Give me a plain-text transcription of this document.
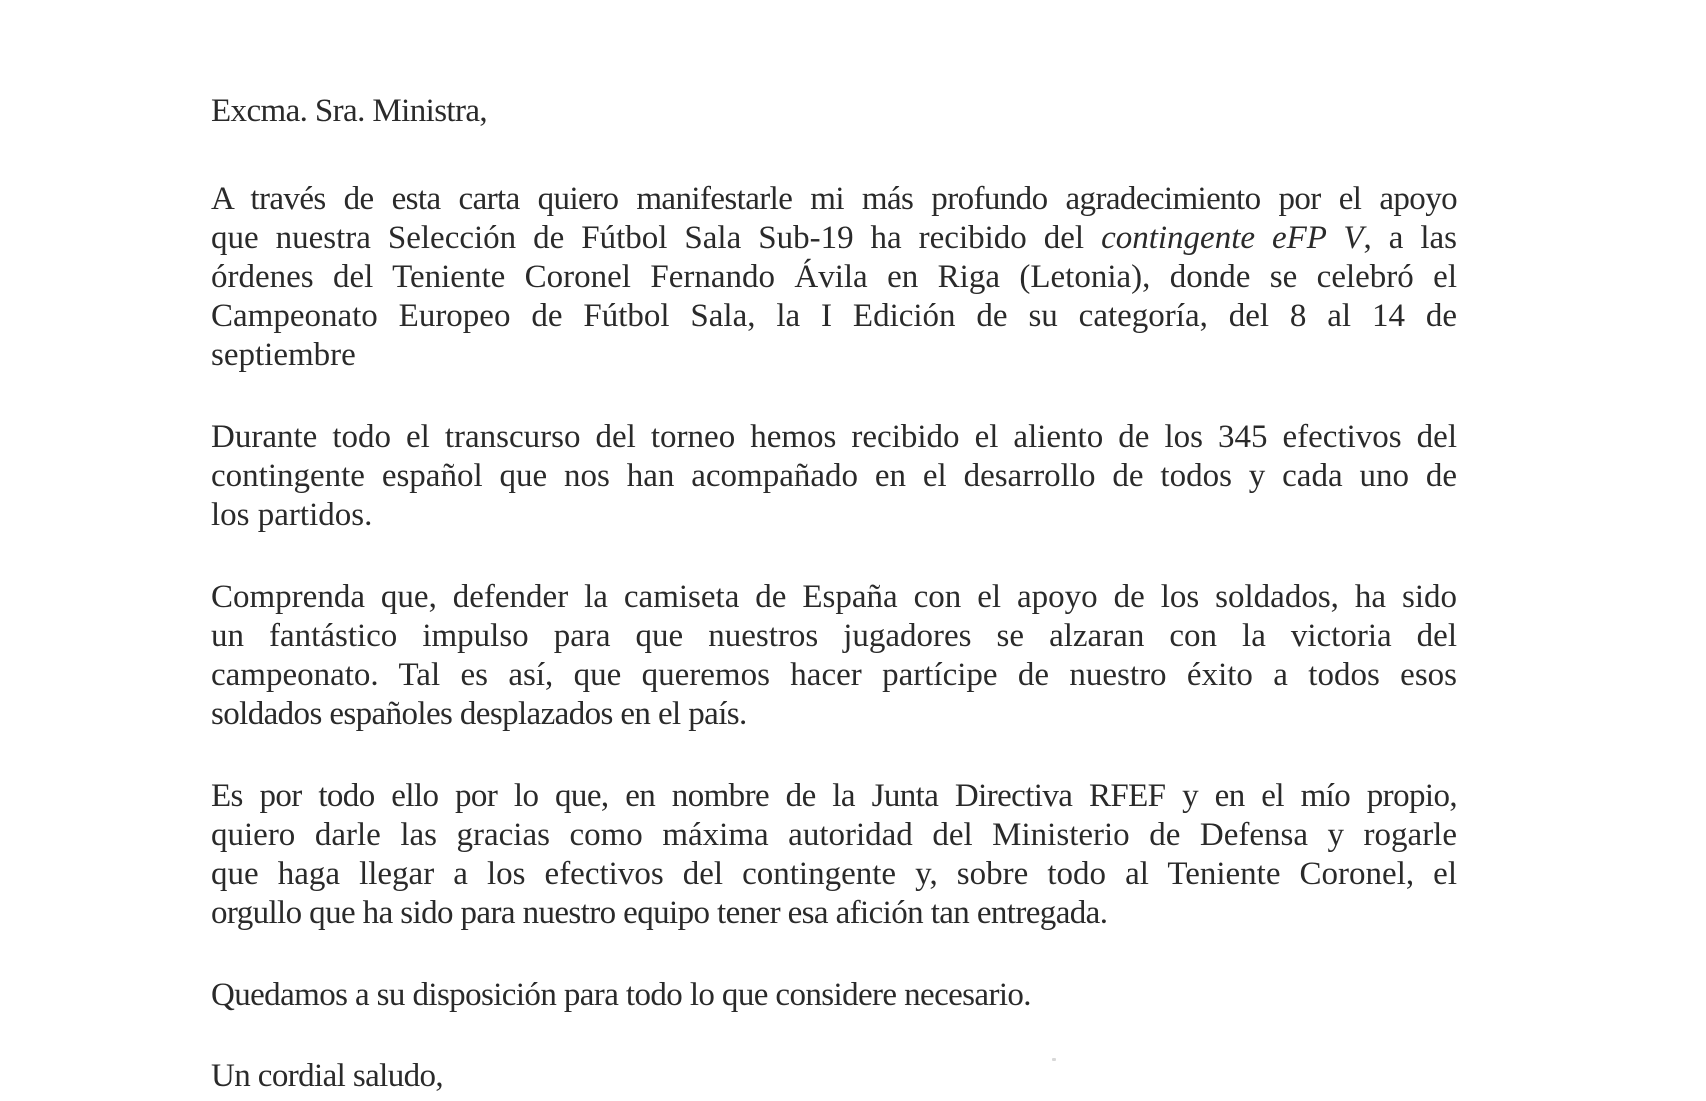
Excma. Sra. Ministra,
A través de esta carta quiero manifestarle mi más profundo agradecimiento por el apoyo
que nuestra Selección de Fútbol Sala Sub-19 ha recibido del contingente eFP V, a las
órdenes del Teniente Coronel Fernando Ávila en Riga (Letonia), donde se celebró el
Campeonato Europeo de Fútbol Sala, la I Edición de su categoría, del 8 al 14 de
septiembre
Durante todo el transcurso del torneo hemos recibido el aliento de los 345 efectivos del
contingente español que nos han acompañado en el desarrollo de todos y cada uno de
los partidos.
Comprenda que, defender la camiseta de España con el apoyo de los soldados, ha sido
un fantástico impulso para que nuestros jugadores se alzaran con la victoria del
campeonato. Tal es así, que queremos hacer partícipe de nuestro éxito a todos esos
soldados españoles desplazados en el país.
Es por todo ello por lo que, en nombre de la Junta Directiva RFEF y en el mío propio,
quiero darle las gracias como máxima autoridad del Ministerio de Defensa y rogarle
que haga llegar a los efectivos del contingente y, sobre todo al Teniente Coronel, el
orgullo que ha sido para nuestro equipo tener esa afición tan entregada.
Quedamos a su disposición para todo lo que considere necesario.
Un cordial saludo,
